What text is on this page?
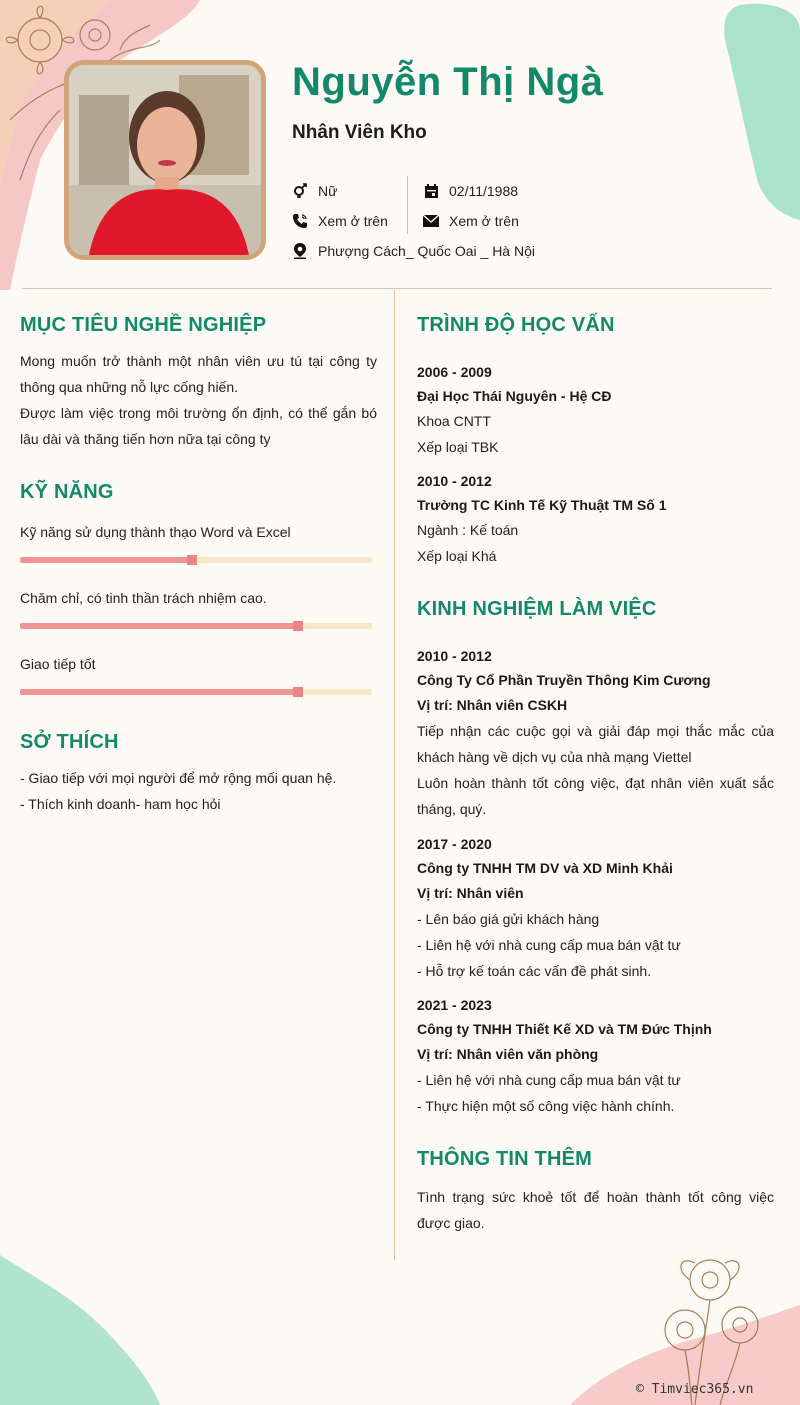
Nguyễn Thị Ngà
Nhân Viên Kho
Nữ	02/11/1988
Xem ở trên	Xem ở trên
Phượng Cách_ Quốc Oai _ Hà Nội
MỤC TIÊU NGHỀ NGHIỆP
Mong muốn trở thành một nhân viên ưu tú tại công ty thông qua những nỗ lực cống hiến.
Được làm việc trong môi trường ổn định, có thể gắn bó lâu dài và thăng tiến hơn nữa tại công ty
KỸ NĂNG
Kỹ năng sử dụng thành thạo Word và Excel
Chăm chỉ, có tinh thần trách nhiệm cao.
Giao tiếp tốt
SỞ THÍCH
- Giao tiếp với mọi người để mở rộng mối quan hệ.
- Thích kinh doanh- ham học hỏi
TRÌNH ĐỘ HỌC VẤN
2006 - 2009
Đại Học Thái Nguyên - Hệ CĐ
Khoa CNTT
Xếp loại TBK
2010 - 2012
Trường TC Kinh Tế Kỹ Thuật TM Số 1
Ngành : Kế toán
Xếp loại Khá
KINH NGHIỆM LÀM VIỆC
2010 - 2012
Công Ty Cổ Phần Truyền Thông Kim Cương
Vị trí: Nhân viên CSKH
Tiếp nhận các cuộc gọi và giải đáp mọi thắc mắc của khách hàng về dịch vụ của nhà mạng Viettel
Luôn hoàn thành tốt công việc, đạt nhân viên xuất sắc tháng, quý.
2017 - 2020
Công ty TNHH TM DV và XD Minh Khải
Vị trí: Nhân viên
- Lên báo giá gửi khách hàng
- Liên hệ với nhà cung cấp mua bán vật tư
- Hỗ trợ kế toán các vấn đề phát sinh.
2021 - 2023
Công ty TNHH Thiết Kế XD và TM Đức Thịnh
Vị trí: Nhân viên văn phòng
- Liên hệ với nhà cung cấp mua bán vật tư
- Thực hiện một số công việc hành chính.
THÔNG TIN THÊM
Tình trạng sức khoẻ tốt để hoàn thành tốt công việc được giao.
© Timviec365.vn
